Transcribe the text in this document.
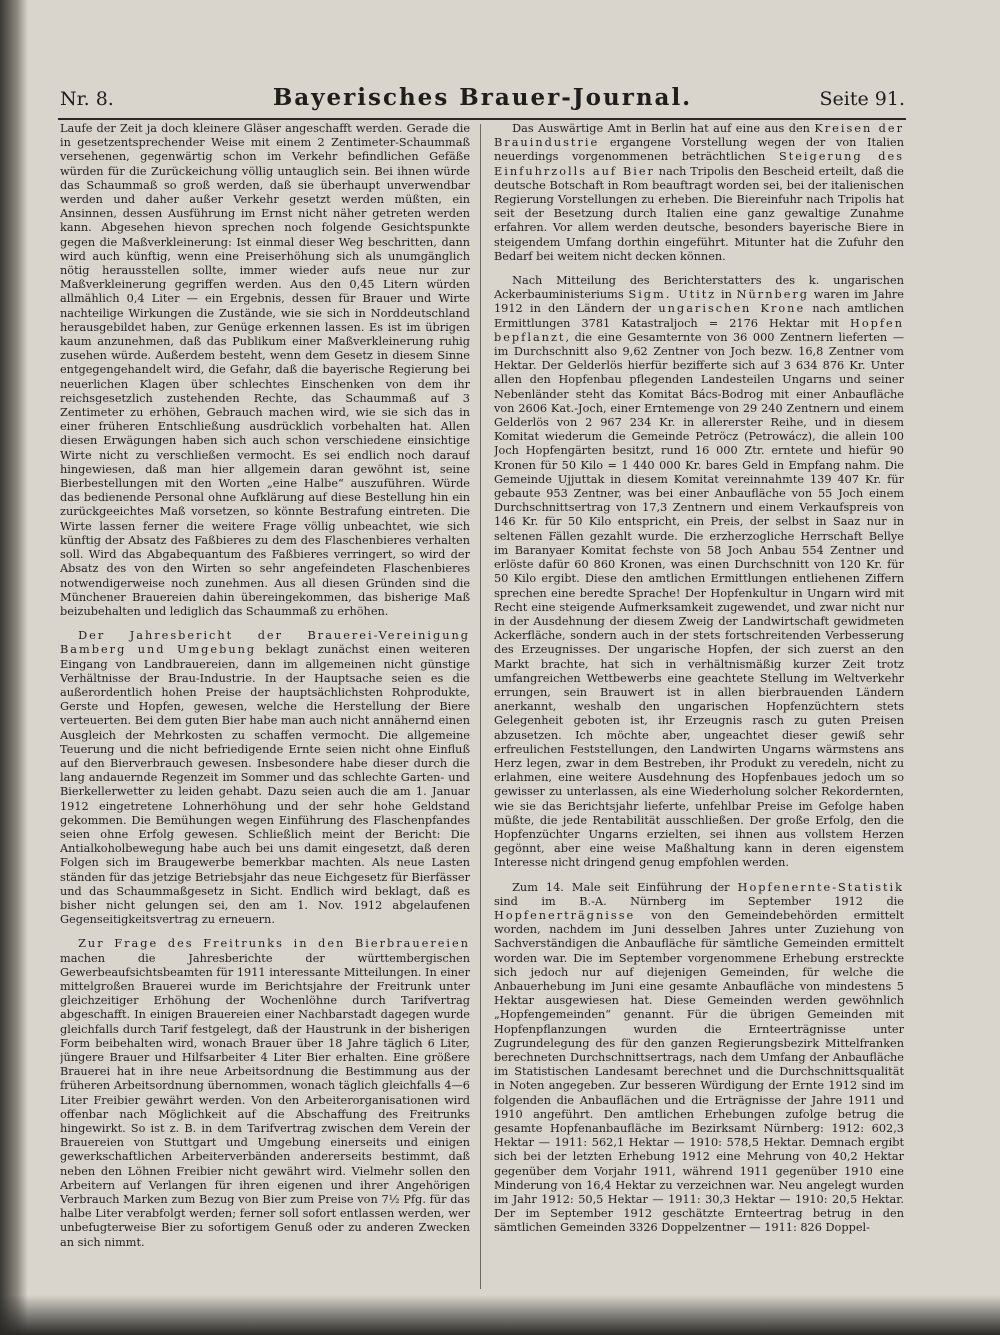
Nr. 8.	Bayerisches Brauer-Journal.	Seite 91.

Laufe der Zeit ja doch kleinere Gläser angeschafft werden. Gerade die in gesetzentsprechender Weise mit einem 2 Zentimeter-Schaummaß versehenen, gegenwärtig schon im Verkehr befindlichen Gefäße würden für die Zurückeichung völlig untauglich sein. Bei ihnen würde das Schaummaß so groß werden, daß sie überhaupt unverwendbar werden und daher außer Verkehr gesetzt werden müßten, ein Ansinnen, dessen Ausführung im Ernst nicht näher getreten werden kann. Abgesehen hievon sprechen noch folgende Gesichtspunkte gegen die Maßverkleinerung: Ist einmal dieser Weg beschritten, dann wird auch künftig, wenn eine Preiserhöhung sich als unumgänglich nötig herausstellen sollte, immer wieder aufs neue nur zur Maßverkleinerung gegriffen werden. Aus den 0,45 Litern würden allmählich 0,4 Liter — ein Ergebnis, dessen für Brauer und Wirte nachteilige Wirkungen die Zustände, wie sie sich in Norddeutschland herausgebildet haben, zur Genüge erkennen lassen. Es ist im übrigen kaum anzunehmen, daß das Publikum einer Maßverkleinerung ruhig zusehen würde. Außerdem besteht, wenn dem Gesetz in diesem Sinne entgegengehandelt wird, die Gefahr, daß die bayerische Regierung bei neuerlichen Klagen über schlechtes Einschenken von dem ihr reichsgesetzlich zustehenden Rechte, das Schaummaß auf 3 Zentimeter zu erhöhen, Gebrauch machen wird, wie sie sich das in einer früheren Entschließung ausdrücklich vorbehalten hat. Allen diesen Erwägungen haben sich auch schon verschiedene einsichtige Wirte nicht zu verschließen vermocht. Es sei endlich noch darauf hingewiesen, daß man hier allgemein daran gewöhnt ist, seine Bierbestellungen mit den Worten „eine Halbe“ auszuführen. Würde das bedienende Personal ohne Aufklärung auf diese Bestellung hin ein zurückgeeichtes Maß vorsetzen, so könnte Bestrafung eintreten. Die Wirte lassen ferner die weitere Frage völlig unbeachtet, wie sich künftig der Absatz des Faßbieres zu dem des Flaschenbieres verhalten soll. Wird das Abgabequantum des Faßbieres verringert, so wird der Absatz des von den Wirten so sehr angefeindeten Flaschenbieres notwendigerweise noch zunehmen. Aus all diesen Gründen sind die Münchener Brauereien dahin übereingekommen, das bisherige Maß beizubehalten und lediglich das Schaummaß zu erhöhen.

Der Jahresbericht der Brauerei-Vereinigung Bamberg und Umgebung beklagt zunächst einen weiteren Eingang von Landbrauereien, dann im allgemeinen nicht günstige Verhältnisse der Brau-Industrie. In der Hauptsache seien es die außerordentlich hohen Preise der hauptsächlichsten Rohprodukte, Gerste und Hopfen, gewesen, welche die Herstellung der Biere verteuerten. Bei dem guten Bier habe man auch nicht annähernd einen Ausgleich der Mehrkosten zu schaffen vermocht. Die allgemeine Teuerung und die nicht befriedigende Ernte seien nicht ohne Einfluß auf den Bierverbrauch gewesen. Insbesondere habe dieser durch die lang andauernde Regenzeit im Sommer und das schlechte Garten- und Bierkellerwetter zu leiden gehabt. Dazu seien auch die am 1. Januar 1912 eingetretene Lohnerhöhung und der sehr hohe Geldstand gekommen. Die Bemühungen wegen Einführung des Flaschenpfandes seien ohne Erfolg gewesen. Schließlich meint der Bericht: Die Antialkoholbewegung habe auch bei uns damit eingesetzt, daß deren Folgen sich im Braugewerbe bemerkbar machten. Als neue Lasten ständen für das jetzige Betriebsjahr das neue Eichgesetz für Bierfässer und das Schaummaßgesetz in Sicht. Endlich wird beklagt, daß es bisher nicht gelungen sei, den am 1. Nov. 1912 abgelaufenen Gegenseitigkeitsvertrag zu erneuern.

Zur Frage des Freitrunks in den Bierbrauereien machen die Jahresberichte der württembergischen Gewerbeaufsichtsbeamten für 1911 interessante Mitteilungen. In einer mittelgroßen Brauerei wurde im Berichtsjahre der Freitrunk unter gleichzeitiger Erhöhung der Wochenlöhne durch Tarifvertrag abgeschafft. In einigen Brauereien einer Nachbarstadt dagegen wurde gleichfalls durch Tarif festgelegt, daß der Haustrunk in der bisherigen Form beibehalten wird, wonach Brauer über 18 Jahre täglich 6 Liter, jüngere Brauer und Hilfsarbeiter 4 Liter Bier erhalten. Eine größere Brauerei hat in ihre neue Arbeitsordnung die Bestimmung aus der früheren Arbeitsordnung übernommen, wonach täglich gleichfalls 4—6 Liter Freibier gewährt werden. Von den Arbeiterorganisationen wird offenbar nach Möglichkeit auf die Abschaffung des Freitrunks hingewirkt. So ist z. B. in dem Tarifvertrag zwischen dem Verein der Brauereien von Stuttgart und Umgebung einerseits und einigen gewerkschaftlichen Arbeiterverbänden andererseits bestimmt, daß neben den Löhnen Freibier nicht gewährt wird. Vielmehr sollen den Arbeitern auf Verlangen für ihren eigenen und ihrer Angehörigen Verbrauch Marken zum Bezug von Bier zum Preise von 7½ Pfg. für das halbe Liter verabfolgt werden; ferner soll sofort entlassen werden, wer unbefugterweise Bier zu sofortigem Genuß oder zu anderen Zwecken an sich nimmt.

Das Auswärtige Amt in Berlin hat auf eine aus den Kreisen der Brauindustrie ergangene Vorstellung wegen der von Italien neuerdings vorgenommenen beträchtlichen Steigerung des Einfuhrzolls auf Bier nach Tripolis den Bescheid erteilt, daß die deutsche Botschaft in Rom beauftragt worden sei, bei der italienischen Regierung Vorstellungen zu erheben. Die Biereinfuhr nach Tripolis hat seit der Besetzung durch Italien eine ganz gewaltige Zunahme erfahren. Vor allem werden deutsche, besonders bayerische Biere in steigendem Umfang dorthin eingeführt. Mitunter hat die Zufuhr den Bedarf bei weitem nicht decken können.

Nach Mitteilung des Berichterstatters des k. ungarischen Ackerbauministeriums Sigm. Utitz in Nürnberg waren im Jahre 1912 in den Ländern der ungarischen Krone nach amtlichen Ermittlungen 3781 Katastraljoch = 2176 Hektar mit Hopfen bepflanzt, die eine Gesamternte von 36 000 Zentnern lieferten — im Durchschnitt also 9,62 Zentner von Joch bezw. 16,8 Zentner vom Hektar. Der Gelderlös hierfür bezifferte sich auf 3 634 876 Kr. Unter allen den Hopfenbau pflegenden Landesteilen Ungarns und seiner Nebenländer steht das Komitat Bács-Bodrog mit einer Anbaufläche von 2606 Kat.-Joch, einer Erntemenge von 29 240 Zentnern und einem Gelderlös von 2 967 234 Kr. in allererster Reihe, und in diesem Komitat wiederum die Gemeinde Petröcz (Petrowácz), die allein 100 Joch Hopfengärten besitzt, rund 16 000 Ztr. erntete und hiefür 90 Kronen für 50 Kilo = 1 440 000 Kr. bares Geld in Empfang nahm. Die Gemeinde Ujjuttak in diesem Komitat vereinnahmte 139 407 Kr. für gebaute 953 Zentner, was bei einer Anbaufläche von 55 Joch einem Durchschnittsertrag von 17,3 Zentnern und einem Verkaufspreis von 146 Kr. für 50 Kilo entspricht, ein Preis, der selbst in Saaz nur in seltenen Fällen gezahlt wurde. Die erzherzogliche Herrschaft Bellye im Baranyaer Komitat fechste von 58 Joch Anbau 554 Zentner und erlöste dafür 60 860 Kronen, was einen Durchschnitt von 120 Kr. für 50 Kilo ergibt. Diese den amtlichen Ermittlungen entliehenen Ziffern sprechen eine beredte Sprache! Der Hopfenkultur in Ungarn wird mit Recht eine steigende Aufmerksamkeit zugewendet, und zwar nicht nur in der Ausdehnung der diesem Zweig der Landwirtschaft gewidmeten Ackerfläche, sondern auch in der stets fortschreitenden Verbesserung des Erzeugnisses. Der ungarische Hopfen, der sich zuerst an den Markt brachte, hat sich in verhältnismäßig kurzer Zeit trotz umfangreichen Wettbewerbs eine geachtete Stellung im Weltverkehr errungen, sein Brauwert ist in allen bierbrauenden Ländern anerkannt, weshalb den ungarischen Hopfenzüchtern stets Gelegenheit geboten ist, ihr Erzeugnis rasch zu guten Preisen abzusetzen. Ich möchte aber, ungeachtet dieser gewiß sehr erfreulichen Feststellungen, den Landwirten Ungarns wärmstens ans Herz legen, zwar in dem Bestreben, ihr Produkt zu veredeln, nicht zu erlahmen, eine weitere Ausdehnung des Hopfenbaues jedoch um so gewisser zu unterlassen, als eine Wiederholung solcher Rekordernten, wie sie das Berichtsjahr lieferte, unfehlbar Preise im Gefolge haben müßte, die jede Rentabilität ausschließen. Der große Erfolg, den die Hopfenzüchter Ungarns erzielten, sei ihnen aus vollstem Herzen gegönnt, aber eine weise Maßhaltung kann in deren eigenstem Interesse nicht dringend genug empfohlen werden.

Zum 14. Male seit Einführung der Hopfenernte-Statistik sind im B.-A. Nürnberg im September 1912 die Hopfenerträgnisse von den Gemeindebehörden ermittelt worden, nachdem im Juni desselben Jahres unter Zuziehung von Sachverständigen die Anbaufläche für sämtliche Gemeinden ermittelt worden war. Die im September vorgenommene Erhebung erstreckte sich jedoch nur auf diejenigen Gemeinden, für welche die Anbauerhebung im Juni eine gesamte Anbaufläche von mindestens 5 Hektar ausgewiesen hat. Diese Gemeinden werden gewöhnlich „Hopfengemeinden“ genannt. Für die übrigen Gemeinden mit Hopfenpflanzungen wurden die Ernteerträgnisse unter Zugrundelegung des für den ganzen Regierungsbezirk Mittelfranken berechneten Durchschnittsertrags, nach dem Umfang der Anbaufläche im Statistischen Landesamt berechnet und die Durchschnittsqualität in Noten angegeben. Zur besseren Würdigung der Ernte 1912 sind im folgenden die Anbauflächen und die Erträgnisse der Jahre 1911 und 1910 angeführt. Den amtlichen Erhebungen zufolge betrug die gesamte Hopfenanbaufläche im Bezirksamt Nürnberg: 1912: 602,3 Hektar — 1911: 562,1 Hektar — 1910: 578,5 Hektar. Demnach ergibt sich bei der letzten Erhebung 1912 eine Mehrung von 40,2 Hektar gegenüber dem Vorjahr 1911, während 1911 gegenüber 1910 eine Minderung von 16,4 Hektar zu verzeichnen war. Neu angelegt wurden im Jahr 1912: 50,5 Hektar — 1911: 30,3 Hektar — 1910: 20,5 Hektar. Der im September 1912 geschätzte Ernteertrag betrug in den sämtlichen Gemeinden 3326 Doppelzentner — 1911: 826 Doppel-
